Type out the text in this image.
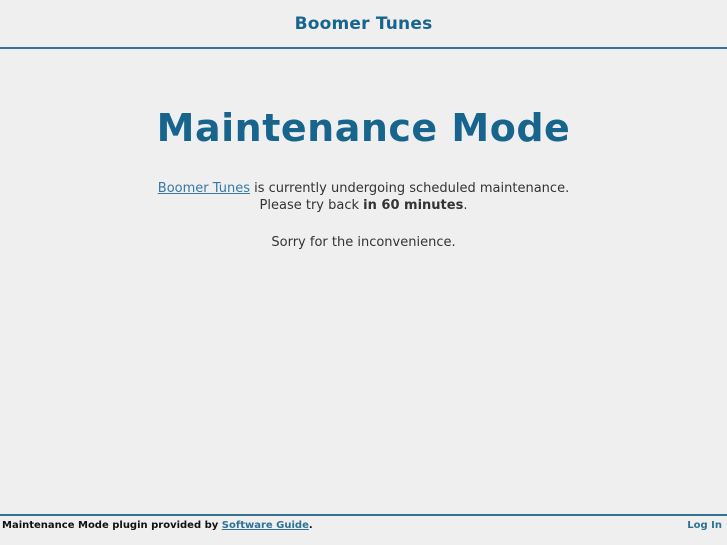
Boomer Tunes
Maintenance Mode

Boomer Tunes is currently undergoing scheduled maintenance.
Please try back in 60 minutes.

Sorry for the inconvenience.

Maintenance Mode plugin provided by Software Guide.	Log In
